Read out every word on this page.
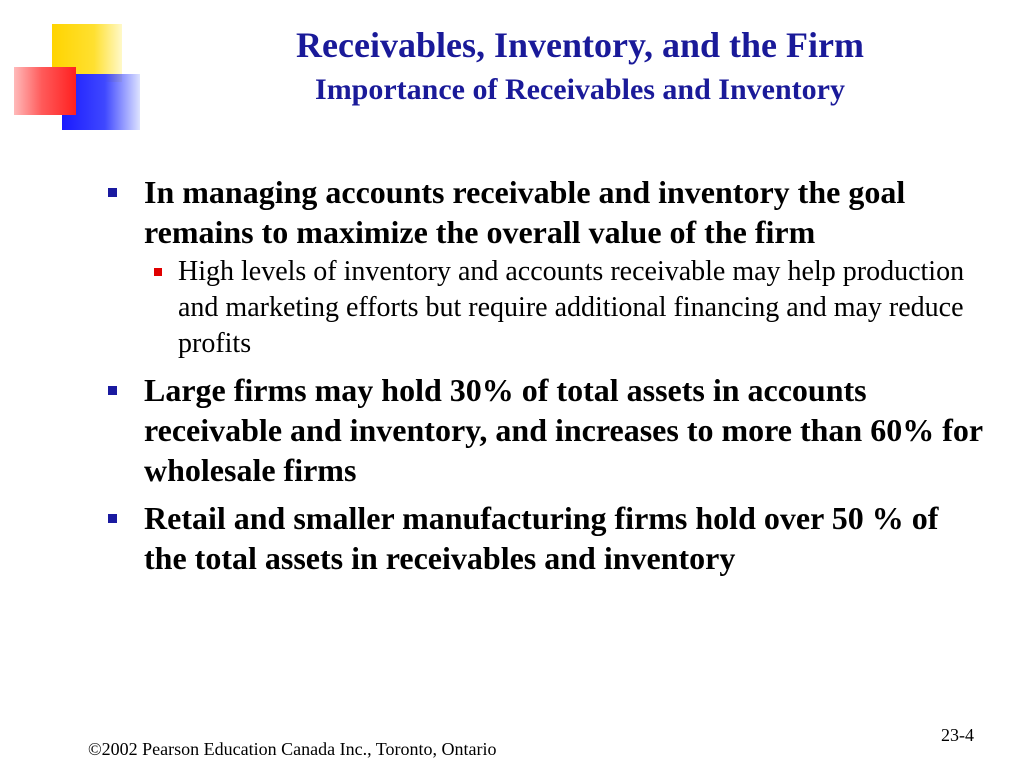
Receivables, Inventory, and the Firm
Importance of Receivables and Inventory
In managing accounts receivable and inventory the goal remains to maximize the overall value of the firm
High levels of inventory and accounts receivable may help production and marketing efforts but require additional financing and may reduce profits
Large firms may hold 30% of total assets in accounts receivable and inventory, and increases to more than 60% for wholesale firms
Retail and smaller manufacturing firms hold over 50 % of the total assets in receivables and inventory
23-4
©2002 Pearson Education Canada Inc., Toronto, Ontario
